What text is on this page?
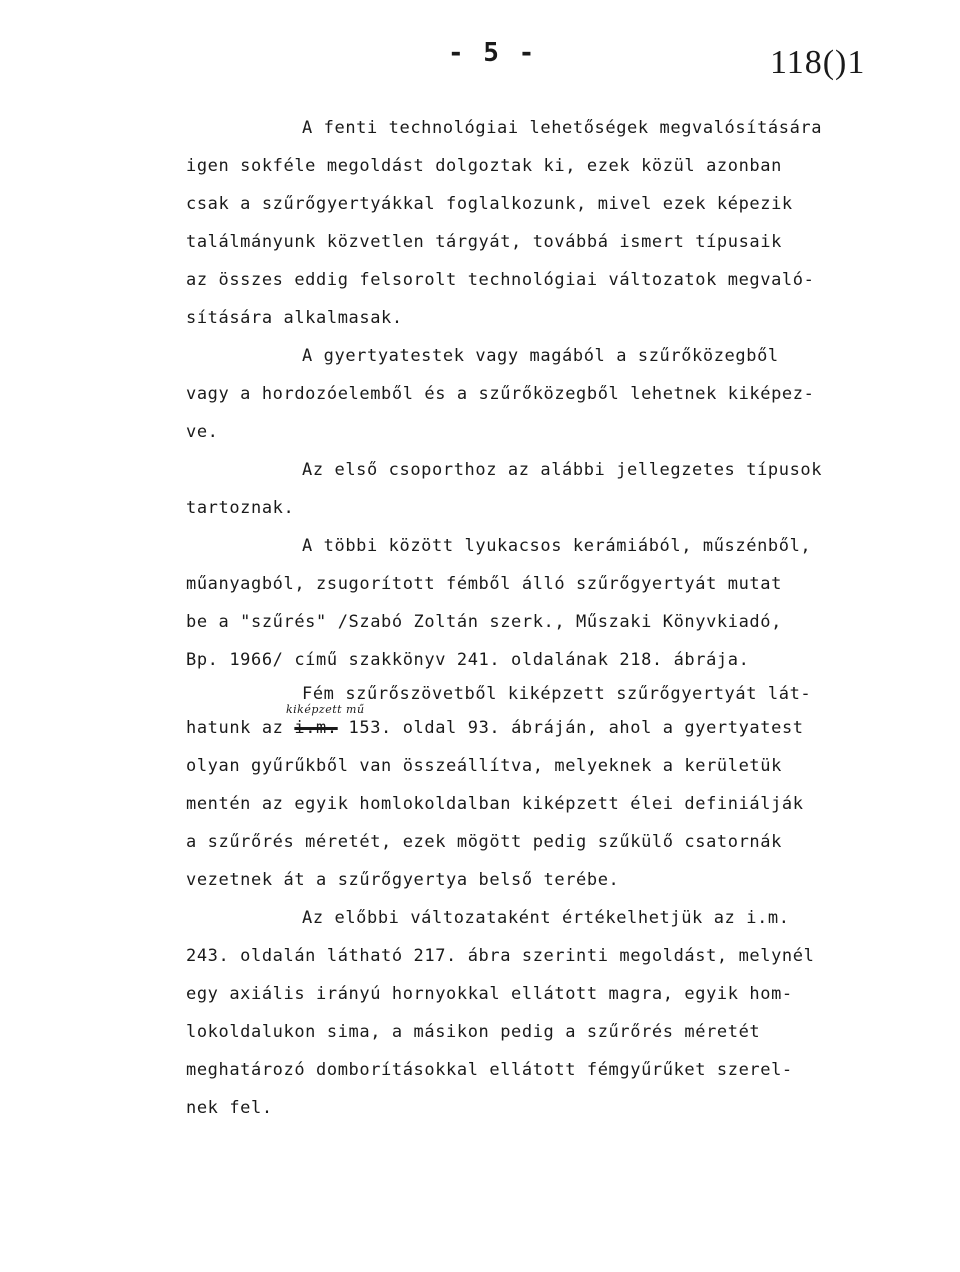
- 5 -	118()1
A fenti technológiai lehetőségek megvalósítására
igen sokféle megoldást dolgoztak ki, ezek közül azonban
csak a szűrőgyertyákkal foglalkozunk, mivel ezek képezik
találmányunk közvetlen tárgyát, továbbá ismert típusaik
az összes eddig felsorolt technológiai változatok megvaló-
sítására alkalmasak.
A gyertyatestek vagy magából a szűrőközegből
vagy a hordozóelemből és a szűrőközegből lehetnek kiképez-
ve.
Az első csoporthoz az alábbi jellegzetes típusok
tartoznak.
A többi között lyukacsos kerámiából, műszénből,
műanyagból, zsugorított fémből álló szűrőgyertyát mutat
be a "szűrés" /Szabó Zoltán szerk., Műszaki Könyvkiadó,
Bp. 1966/ című szakkönyv 241. oldalának 218. ábrája.
Fém szűrőszövetből kiképzett szűrőgyertyát lát-
kiképzett mű
hatunk az i.m. 153. oldal 93. ábráján, ahol a gyertyatest
olyan gyűrűkből van összeállítva, melyeknek a kerületük
mentén az egyik homlokoldalban kiképzett élei definiálják
a szűrőrés méretét, ezek mögött pedig szűkülő csatornák
vezetnek át a szűrőgyertya belső terébe.
Az előbbi változataként értékelhetjük az i.m.
243. oldalán látható 217. ábra szerinti megoldást, melynél
egy axiális irányú hornyokkal ellátott magra, egyik hom-
lokoldalukon sima, a másikon pedig a szűrőrés méretét
meghatározó domborításokkal ellátott fémgyűrűket szerel-
nek fel.
